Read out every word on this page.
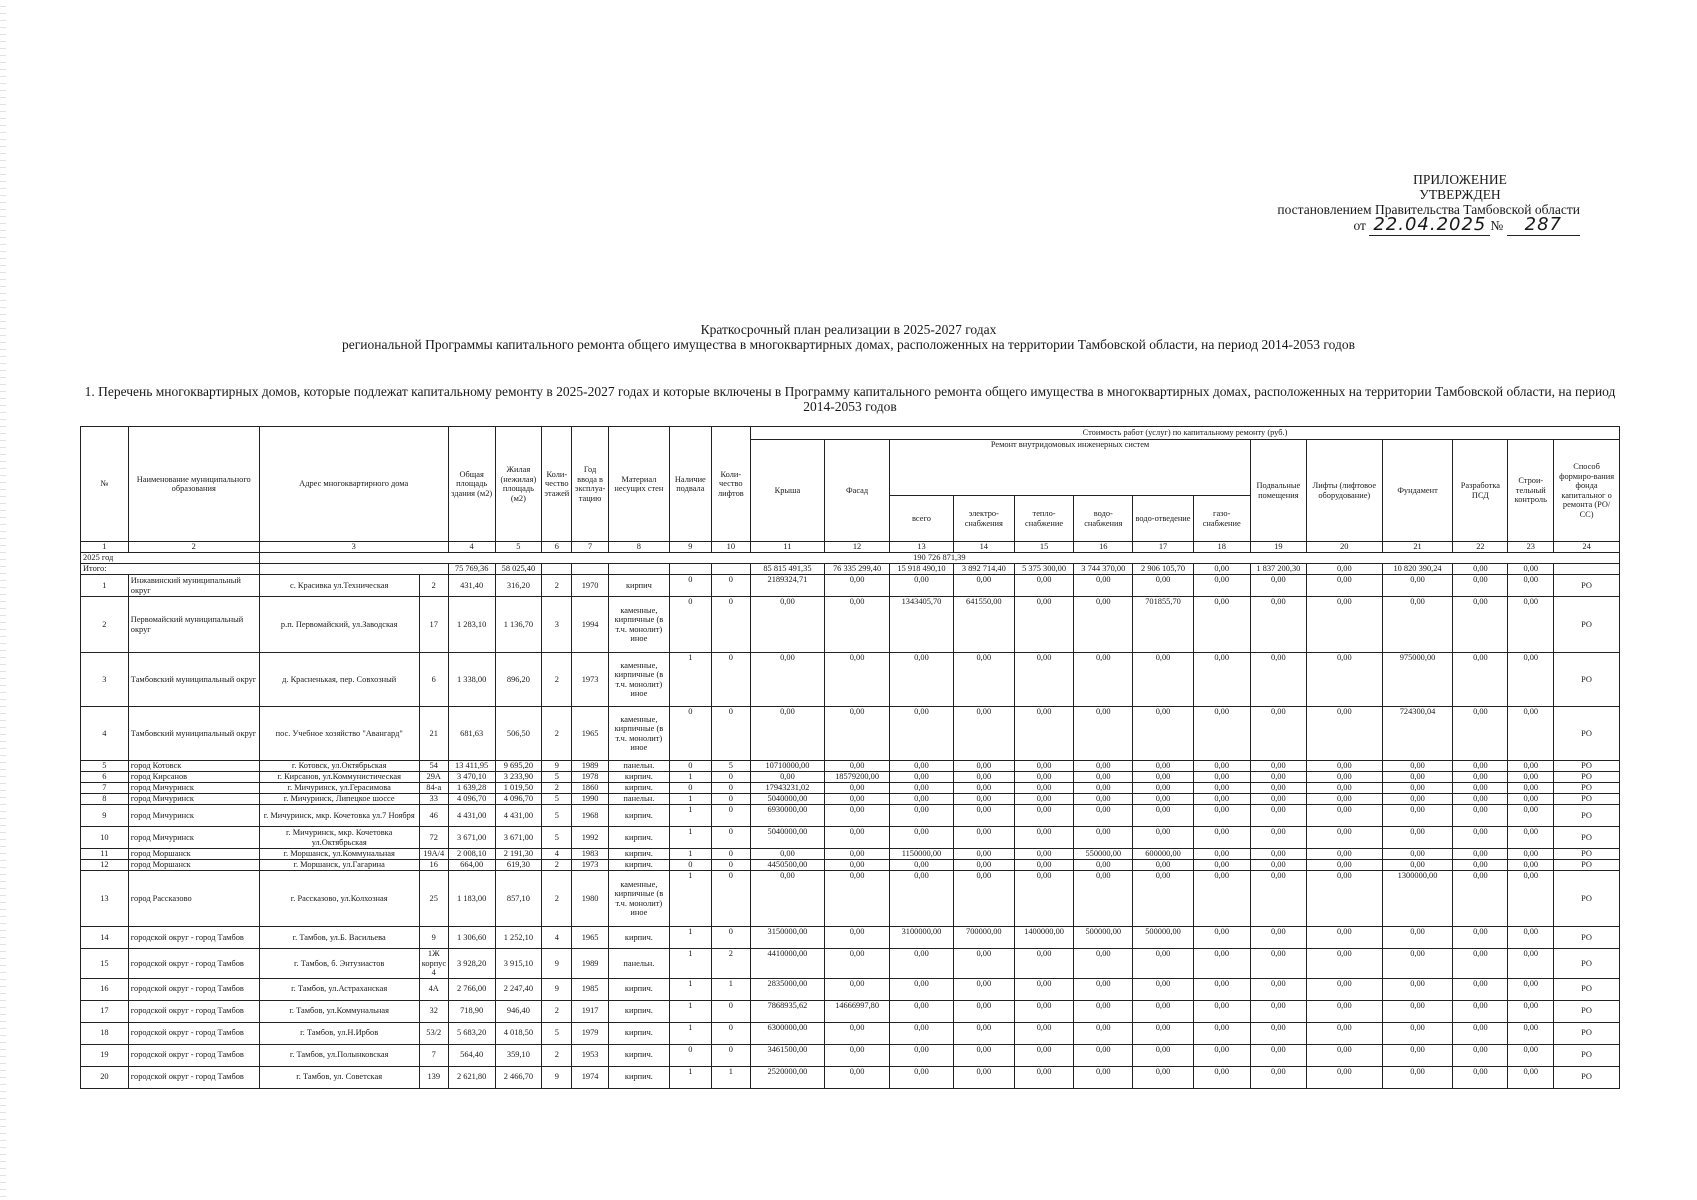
ПРИЛОЖЕНИЕ
УТВЕРЖДЕН
постановлением Правительства Тамбовской области
от 22.04.2025 № 287
Краткосрочный план реализации в 2025-2027 годах
региональной Программы капитального ремонта общего имущества в многоквартирных домах, расположенных на территории Тамбовской области, на период 2014-2053 годов
1. Перечень многоквартирных домов, которые подлежат капитальному ремонту в 2025-2027 годах и которые включены в Программу капитального ремонта общего имущества в многоквартирных домах, расположенных на территории Тамбовской области, на период 2014-2053 годов
№	Наименование муниципального образования	Адрес многоквартирного дома		Общая площадь здания (м2)	Жилая (нежилая) площадь (м2)	Коли-чество этажей	Год ввода в эксплуа-тацию	Материал несущих стен	Наличие подвала	Коли-чество лифтов	Стоимость работ (услуг) по капитальному ремонту (руб.)													
											Крыша	Фасад	Ремонт внутридомовых инженерных систем						Подвальные помещения	Лифты (лифтовое оборудование)	Фундамент	Разработка ПСД	Строи-тельный контроль	Способ формиро-вания фонда капитальног о ремонта (РО/СС)
													всего	электро-снабжения	тепло-снабжение	водо-снабжения	водо-отведение	газо-снабжение						
1	2	3		4	5	6	7	8	9	10	11	12	13	14	15	16	17	18	19	20	21	22	23	24
2025 год		190 726 871,39																						
Итого:				75 769,36	58 025,40						85 815 491,35	76 335 299,40	15 918 490,10	3 892 714,40	5 375 300,00	3 744 370,00	2 906 105,70	0,00	1 837 200,30	0,00	10 820 390,24	0,00	0,00	
1	Инжавинский муниципальный округ	с. Красивка ул.Техническая	2	431,40	316,20	2	1970	кирпич	0	0	2189324,71	0,00	0,00	0,00	0,00	0,00	0,00	0,00	0,00	0,00	0,00	0,00	0,00	РО
2	Первомайский муниципальный округ	р.п. Первомайский, ул.Заводская	17	1 283,10	1 136,70	3	1994	каменные, кирпичные (в т.ч. монолит) иное	0	0	0,00	0,00	1343405,70	641550,00	0,00	0,00	701855,70	0,00	0,00	0,00	0,00	0,00	0,00	РО
3	Тамбовский муниципальный округ	д. Красненькая, пер. Совхозный	6	1 338,00	896,20	2	1973	каменные, кирпичные (в т.ч. монолит) иное	1	0	0,00	0,00	0,00	0,00	0,00	0,00	0,00	0,00	0,00	0,00	975000,00	0,00	0,00	РО
4	Тамбовский муниципальный округ	пос. Учебное хозяйство "Авангард"	21	681,63	506,50	2	1965	каменные, кирпичные (в т.ч. монолит) иное	0	0	0,00	0,00	0,00	0,00	0,00	0,00	0,00	0,00	0,00	0,00	724300,04	0,00	0,00	РО
5	город Котовск	г. Котовск, ул.Октябрьская	54	13 411,95	9 695,20	9	1989	панельн.	0	5	10710000,00	0,00	0,00	0,00	0,00	0,00	0,00	0,00	0,00	0,00	0,00	0,00	0,00	РО
6	город Кирсанов	г. Кирсанов, ул.Коммунистическая	29А	3 470,10	3 233,90	5	1978	кирпич.	1	0	0,00	18579200,00	0,00	0,00	0,00	0,00	0,00	0,00	0,00	0,00	0,00	0,00	0,00	РО
7	город Мичуринск	г. Мичуринск, ул.Герасимова	84-а	1 639,28	1 019,50	2	1860	кирпич.	0	0	17943231,02	0,00	0,00	0,00	0,00	0,00	0,00	0,00	0,00	0,00	0,00	0,00	0,00	РО
8	город Мичуринск	г. Мичуринск, Липецкое шоссе	33	4 096,70	4 096,70	5	1990	панельн.	1	0	5040000,00	0,00	0,00	0,00	0,00	0,00	0,00	0,00	0,00	0,00	0,00	0,00	0,00	РО
9	город Мичуринск	г. Мичуринск, мкр. Кочетовка ул.7 Ноября	46	4 431,00	4 431,00	5	1968	кирпич.	1	0	6930000,00	0,00	0,00	0,00	0,00	0,00	0,00	0,00	0,00	0,00	0,00	0,00	0,00	РО
10	город Мичуринск	г. Мичуринск, мкр. Кочетовка ул.Октябрьская	72	3 671,00	3 671,00	5	1992	кирпич.	1	0	5040000,00	0,00	0,00	0,00	0,00	0,00	0,00	0,00	0,00	0,00	0,00	0,00	0,00	РО
11	город Моршанск	г. Моршанск, ул.Коммунальная	19А/4	2 008,10	2 191,30	4	1983	кирпич.	1	0	0,00	0,00	1150000,00	0,00	0,00	550000,00	600000,00	0,00	0,00	0,00	0,00	0,00	0,00	РО
12	город Моршанск	г. Моршанск, ул.Гагарина	16	664,00	619,30	2	1973	кирпич.	0	0	4450500,00	0,00	0,00	0,00	0,00	0,00	0,00	0,00	0,00	0,00	0,00	0,00	0,00	РО
13	город Рассказово	г. Рассказово, ул.Колхозная	25	1 183,00	857,10	2	1980	каменные, кирпичные (в т.ч. монолит) иное	1	0	0,00	0,00	0,00	0,00	0,00	0,00	0,00	0,00	0,00	0,00	1300000,00	0,00	0,00	РО
14	городской округ - город Тамбов	г. Тамбов, ул.Б. Васильева	9	1 306,60	1 252,10	4	1965	кирпич.	1	0	3150000,00	0,00	3100000,00	700000,00	1400000,00	500000,00	500000,00	0,00	0,00	0,00	0,00	0,00	0,00	РО
15	городской округ - город Тамбов	г. Тамбов, б. Энтузиастов	1Ж корпус 4	3 928,20	3 915,10	9	1989	панельн.	1	2	4410000,00	0,00	0,00	0,00	0,00	0,00	0,00	0,00	0,00	0,00	0,00	0,00	0,00	РО
16	городской округ - город Тамбов	г. Тамбов, ул.Астраханская	4А	2 766,00	2 247,40	9	1985	кирпич.	1	1	2835000,00	0,00	0,00	0,00	0,00	0,00	0,00	0,00	0,00	0,00	0,00	0,00	0,00	РО
17	городской округ - город Тамбов	г. Тамбов, ул.Коммунальная	32	718,90	946,40	2	1917	кирпич.	1	0	7868935,62	14666997,80	0,00	0,00	0,00	0,00	0,00	0,00	0,00	0,00	0,00	0,00	0,00	РО
18	городской округ - город Тамбов	г. Тамбов, ул.Н.Ирбов	53/2	5 683,20	4 018,50	5	1979	кирпич.	1	0	6300000,00	0,00	0,00	0,00	0,00	0,00	0,00	0,00	0,00	0,00	0,00	0,00	0,00	РО
19	городской округ - город Тамбов	г. Тамбов, ул.Полынковская	7	564,40	359,10	2	1953	кирпич.	0	0	3461500,00	0,00	0,00	0,00	0,00	0,00	0,00	0,00	0,00	0,00	0,00	0,00	0,00	РО
20	городской округ - город Тамбов	г. Тамбов, ул. Советская	139	2 621,80	2 466,70	9	1974	кирпич.	1	1	2520000,00	0,00	0,00	0,00	0,00	0,00	0,00	0,00	0,00	0,00	0,00	0,00	0,00	РО
